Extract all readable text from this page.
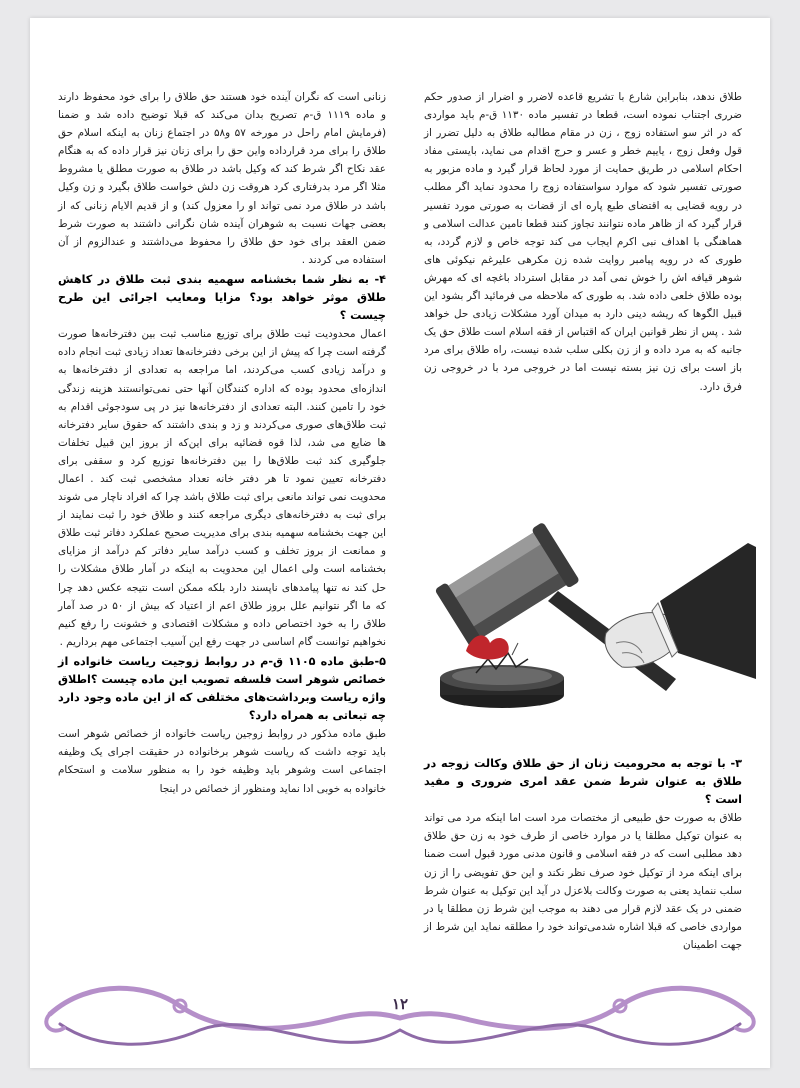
طلاق ندهد، بنابراین شارع با تشریع قاعده لاضرر و اضرار از صدور حکم ضرری اجتناب نموده است، قطعا در تفسیر ماده ۱۱۳۰ ق-م باید مواردی که در اثر سو استفاده زوج ، زن در مقام مطالبه طلاق به دلیل تضرر از قول وفعل زوج ، یاییم خطر و عسر و حرج اقدام می نماید، بایستی مفاد احکام اسلامی در طریق حمایت از مورد لحاظ قرار گیرد و ماده مزبور به صورتی تفسیر شود که موارد سواستفاده زوج را محدود نماید اگر مطلب در رویه قضایی به اقتضای طبع پاره ای از قضات به صورتی مورد تفسیر قرار گیرد که از ظاهر ماده نتوانند تجاوز کنند قطعا تامین عدالت اسلامی و هماهنگی با اهداف نبی اکرم ایجاب می کند توجه خاص و لازم گردد، به طوری که در رویه پیامبر روایت شده زن مکرهی علیرغم نیکوئی های شوهر قیافه اش را خوش نمی آمد در مقابل استرداد باغچه ای که مهرش بوده طلاق خلعی داده شد. به طوری که ملاحظه می فرمائید اگر بشود این قبیل الگوها که ریشه دینی دارد به میدان آورد مشکلات زیادی حل خواهد شد . پس از نظر قوانین ایران که اقتباس از فقه اسلام است طلاق حق یک جانبه که به مرد داده و از زن بکلی سلب شده نیست، راه طلاق برای مرد باز است برای زن نیز بسته نیست اما در خروجی مرد با در خروجی زن فرق دارد.

۳- با توجه به محرومیت زنان از حق طلاق وکالت زوجه در طلاق به عنوان شرط ضمن عقد امری ضروری و مفید است ؟

طلاق به صورت حق طبیعی از مختصات مرد است اما اینکه مرد می تواند به عنوان توکیل مطلقا یا در موارد خاصی از طرف خود به زن حق طلاق دهد مطلبی است که در فقه اسلامی و قانون مدنی مورد قبول است ضمنا برای اینکه مرد از توکیل خود صرف نظر نکند و این حق تفویضی را از زن سلب ننماید یعنی به صورت وکالت بلاعزل در آید این توکیل به عنوان شرط ضمنی در یک عقد لازم قرار می دهند به موجب این شرط زن مطلقا یا در مواردی خاصی که قبلا اشاره شدمی‌تواند خود را مطلقه نماید این شرط از جهت اطمینان

زنانی است که نگران آینده خود هستند حق طلاق را برای خود محفوظ دارند و ماده ۱۱۱۹ ق-م تصریح بدان می‌کند که قبلا توضیح داده شد و ضمنا (فرمایش امام راحل در مورخه ۵۷ و۵۸ در اجتماع زنان به اینکه اسلام حق طلاق را برای مرد قرارداده واین حق را برای زنان نیز قرار داده که به هنگام عقد نکاح اگر شرط کند که وکیل باشد در طلاق به صورت مطلق یا مشروط مثلا اگر مرد بدرفتاری کرد هروقت زن دلش خواست طلاق بگیرد و زن وکیل باشد در طلاق مرد نمی تواند او را معزول کند) و از قدیم الایام زنانی که از بعضی جهات نسبت به شوهران آینده شان نگرانی داشتند به صورت شرط ضمن العقد برای خود حق طلاق را محفوظ می‌داشتند و عندالزوم از آن استفاده می کردند .

۴- به نظر شما بخشنامه سهمیه بندی ثبت طلاق در کاهش طلاق موثر خواهد بود؟ مزایا ومعایب اجرائی این طرح چیست ؟

اعمال محدودیت ثبت طلاق برای توزیع مناسب ثبت بین دفترخانه‌ها صورت گرفته است چرا که پیش از این برخی دفترخانه‌ها تعداد زیادی ثبت انجام داده و درآمد زیادی کسب می‌کردند، اما مراجعه به تعدادی از دفترخانه‌ها به اندازه‌ای محدود بوده که اداره کنندگان آنها حتی نمی‌توانستند هزینه زندگی خود را تامین کنند. البته تعدادی از دفترخانه‌ها نیز در پی سودجوئی اقدام به ثبت طلاق‌های صوری می‌کردند و زد و بندی داشتند که حقوق سایر دفترخانه ها ضایع می شد، لذا قوه قضائیه برای این‌که از بروز این قبیل تخلفات جلوگیری کند ثبت طلاق‌ها را بین دفترخانه‌ها توزیع کرد و سقفی برای دفترخانه تعیین نمود تا هر دفتر خانه تعداد مشخصی ثبت کند . اعمال محدویت نمی تواند مانعی برای ثبت طلاق باشد چرا که افراد ناچار می شوند برای ثبت به دفترخانه‌های دیگری مراجعه کنند و طلاق خود را ثبت نمایند از این جهت بخشنامه سهمیه بندی برای مدیریت صحیح عملکرد دفاتر ثبت طلاق و ممانعت از بروز تخلف و کسب درآمد سایر دفاتر کم درآمد از مزایای بخشنامه است ولی اعمال این محدویت به اینکه در آمار طلاق مشکلات را حل کند نه تنها پیامدهای ناپسند دارد بلکه ممکن است نتیجه عکس دهد چرا که ما اگر نتوانیم علل بروز طلاق اعم از اعتیاد که بیش از ۵۰ در صد آمار طلاق را به خود اختصاص داده و مشکلات اقتصادی و خشونت را رفع کنیم نخواهیم توانست گام اساسی در جهت رفع این آسیب اجتماعی مهم برداریم .

۵-طبق ماده ۱۱۰۵ ق-م در روابط زوجیت ریاست خانواده از خصائص شوهر است فلسفه تصویب این ماده چیست ؟اطلاق واژه ریاست وبرداشت‌های مختلفی که از این ماده وجود دارد چه تبعاتی به همراه دارد؟

طبق ماده مذکور در روابط زوجین ریاست خانواده از خصائص شوهر است باید توجه داشت که ریاست شوهر برخانواده در حقیقت اجرای یک وظیفه اجتماعی است وشوهر باید وظیفه خود را به منظور سلامت و استحکام خانواده به خوبی ادا نماید ومنظور از خصائص در اینجا

۱۲
